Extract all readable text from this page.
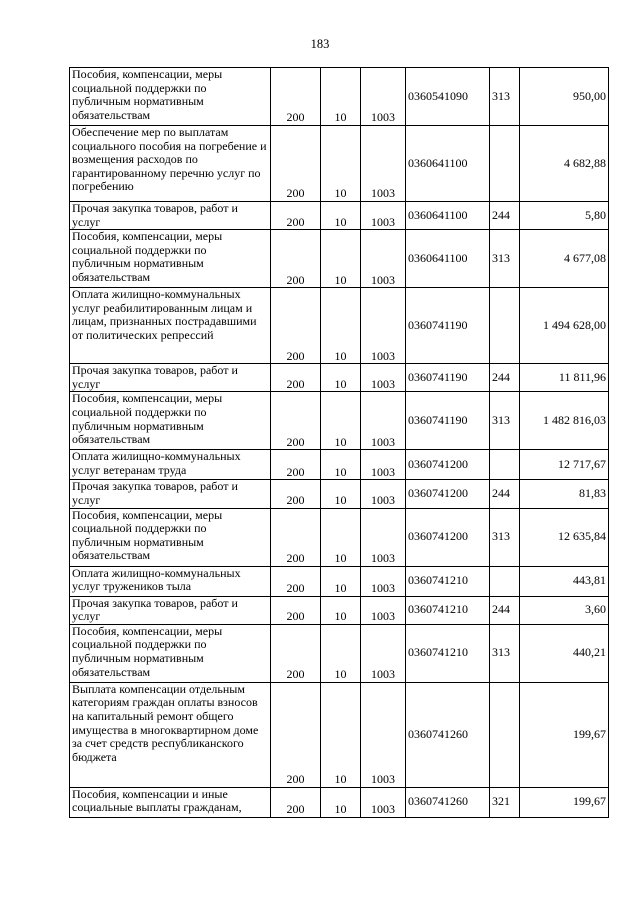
183
Пособия, компенсации, меры социальной поддержки по публичным нормативным обязательствам	200	10	1003	0360541090	313	950,00
Обеспечение мер по выплатам социального пособия на погребение и возмещения расходов по гарантированному перечню услуг по погребению	200	10	1003	0360641100		4 682,88
Прочая закупка товаров, работ и услуг	200	10	1003	0360641100	244	5,80
Пособия, компенсации, меры социальной поддержки по публичным нормативным обязательствам	200	10	1003	0360641100	313	4 677,08
Оплата жилищно-коммунальных услуг реабилитированным лицам и лицам, признанных пострадавшими от политических репрессий	200	10	1003	0360741190		1 494 628,00
Прочая закупка товаров, работ и услуг	200	10	1003	0360741190	244	11 811,96
Пособия, компенсации, меры социальной поддержки по публичным нормативным обязательствам	200	10	1003	0360741190	313	1 482 816,03
Оплата жилищно-коммунальных услуг ветеранам труда	200	10	1003	0360741200		12 717,67
Прочая закупка товаров, работ и услуг	200	10	1003	0360741200	244	81,83
Пособия, компенсации, меры социальной поддержки по публичным нормативным обязательствам	200	10	1003	0360741200	313	12 635,84
Оплата жилищно-коммунальных услуг тружеников тыла	200	10	1003	0360741210		443,81
Прочая закупка товаров, работ и услуг	200	10	1003	0360741210	244	3,60
Пособия, компенсации, меры социальной поддержки по публичным нормативным обязательствам	200	10	1003	0360741210	313	440,21
Выплата компенсации отдельным категориям граждан оплаты взносов на капитальный ремонт общего имущества в многоквартирном доме за счет средств республиканского бюджета	200	10	1003	0360741260		199,67
Пособия, компенсации и иные социальные выплаты гражданам,	200	10	1003	0360741260	321	199,67
